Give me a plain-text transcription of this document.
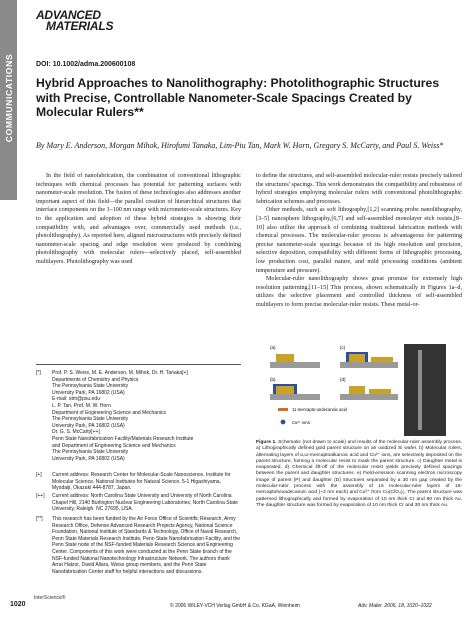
COMMUNICATIONS
ADVANCED
MATERIALS
DOI: 10.1002/adma.200600108
Hybrid Approaches to Nanolithography: Photolithographic Structures with Precise, Controllable Nanometer-Scale Spacings Created by Molecular Rulers**
By Mary E. Anderson, Morgan Mihok, Hirofumi Tanaka, Lim-Piu Tan, Mark W. Horn, Gregory S. McCarty, and Paul S. Weiss*

In the field of nanofabrication, the combination of conventional lithographic techniques with chemical processes has potential for patterning surfaces with nanometer-scale resolution. The fusion of these technologies also addresses another important aspect of this field—the parallel creation of hierarchical structures that interface components on the 1–100 nm range with micrometer-scale structures. Key to the application and adoption of these hybrid strategies is showing their compatibility with, and advantages over, commercially used methods (i.e., photolithography). As reported here, aligned microstructures with precisely defined nanometer-scale spacing and edge resolution were produced by combining photolithography with molecular rulers—selectively placed, self-assembled multilayers. Photolithography was used

to define the structures, and self-assembled molecular-ruler resists precisely tailored the structures' spacings. This work demonstrates the compatibility and robustness of hybrid strategies employing molecular rulers with conventional photolithographic fabrication schemes and processes.

Other methods, such as soft lithography,[1,2] scanning probe nanolithography,[3–5] nanosphere lithography,[6,7] and self-assembled monolayer etch resists,[8–10] also utilize the approach of combining traditional fabrication methods with chemical processes. The molecular-ruler process is advantageous for patterning precise nanometer-scale spacings because of its high resolution and precision, selective deposition, compatibility with different forms of lithographic processing, low production cost, parallel nature, and mild processing conditions (ambient temperature and pressure).

Molecular-ruler nanolithography shows great promise for extremely high resolution patterning.[11–15] This process, shown schematically in Figures 1a–d, utilizes the selective placement and controlled thickness of self-assembled multilayers to form precise molecular-ruler resists. These metal-or-

[*] Prof. P. S. Weiss, M. E. Anderson, M. Mihok, Dr. H. Tanaka[+]
Departments of Chemistry and Physics
The Pennsylvania State University
University Park, PA 16802 (USA)
E-mail: stm@psu.edu
L. P. Tan, Prof. M. W. Horn
Department of Engineering Science and Mechanics
The Pennsylvania State University
University Park, PA 16802 (USA)
Dr. G. S. McCarty[++]
Penn State Nanofabrication Facility/Materials Research Institute
and Department of Engineering Science and Mechanics
The Pennsylvania State University
University Park, PA 16802 (USA)
[+] Current address: Research Center for Molecular-Scale Nanoscience, Institute for Molecular Science, National Institutes for Natural Science, 5-1 Higashiyama, Myodaiji, Okazaki 444-8787, Japan.
[++] Current address: North Carolina State University and University of North Carolina Chapel Hill, 2140 Burlington Nuclear Engineering Laboratories, North Carolina State University, Raleigh, NC 27695, USA.
[**] This research has been funded by the Air Force Office of Scientific Research, Army Research Office, Defense Advanced Research Projects Agency, National Science Foundation, National Institute of Standards & Technology, Office of Naval Research, Penn State Materials Research Institute, Penn State Nanofabrication Facility, and the Penn State node of the NSF-funded Materials Research Science and Engineering Center. Components of this work were conducted at the Penn State branch of the NSF-funded National Nanotechnology Infrastructure Network. The authors thank Arrat Hatzor, David Allara, Weiss group members, and the Penn State Nanofabrication Center staff for helpful interactions and discussions.
(a)	(c)
(b)	(d)
11-mercapto-undecanoic acid
Cu²⁺ ions
Figure 1. Schematic (not drawn to scale) and results of the molecular-ruler assembly process. a) Lithographically defined gold parent structure on an oxidized Si wafer. b) Molecular rulers, alternating layers of α,ω-mercaptoalkanoic acid and Cu²⁺ ions, are selectively deposited on the parent structure, forming a molecular resist to mask the parent structure. c) Daughter metal is evaporated. d) Chemical lift-off of the molecular resist yields precisely defined spacings between the parent and daughter structures. e) Field-emission scanning electron microscopy image of parent (P) and daughter (D) structures separated by a 30 nm gap created by the molecular-ruler process with the assembly of 15 molecular-ruler layers of 16-mercaptohexadecanoic acid (~2 nm each) and Cu²⁺ from Cu(ClO₄)₂. The parent structure was patterned lithographically and formed by evaporation of 10 nm thick Cr and 80 nm thick Au. The daughter structure was formed by evaporation of 10 nm thick Cr and 30 nm thick Au.
1020
InterScience®
© 2006 WILEY-VCH Verlag GmbH & Co. KGaA, Weinheim	Adv. Mater. 2006, 18, 1020–1022
